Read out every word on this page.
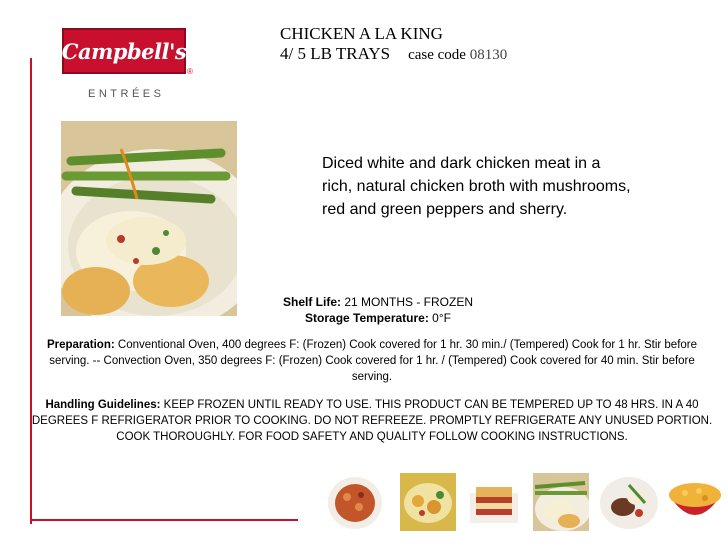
Campbell's
®
ENTRÉES
CHICKEN A LA KING
4/ 5 LB TRAYS case code 08130
Diced white and dark chicken meat in a rich, natural chicken broth with mushrooms, red and green peppers and sherry.
Shelf Life: 21 MONTHS - FROZEN
Storage Temperature: 0°F
Preparation: Conventional Oven, 400 degrees F: (Frozen) Cook covered for 1 hr. 30 min./ (Tempered) Cook for 1 hr. Stir before serving. -- Convection Oven, 350 degrees F: (Frozen) Cook covered for 1 hr. / (Tempered) Cook covered for 40 min. Stir before serving.
Handling Guidelines: KEEP FROZEN UNTIL READY TO USE. THIS PRODUCT CAN BE TEMPERED UP TO 48 HRS. IN A 40 DEGREES F REFRIGERATOR PRIOR TO COOKING. DO NOT REFREEZE. PROMPTLY REFRIGERATE ANY UNUSED PORTION. COOK THOROUGHLY. FOR FOOD SAFETY AND QUALITY FOLLOW COOKING INSTRUCTIONS.
